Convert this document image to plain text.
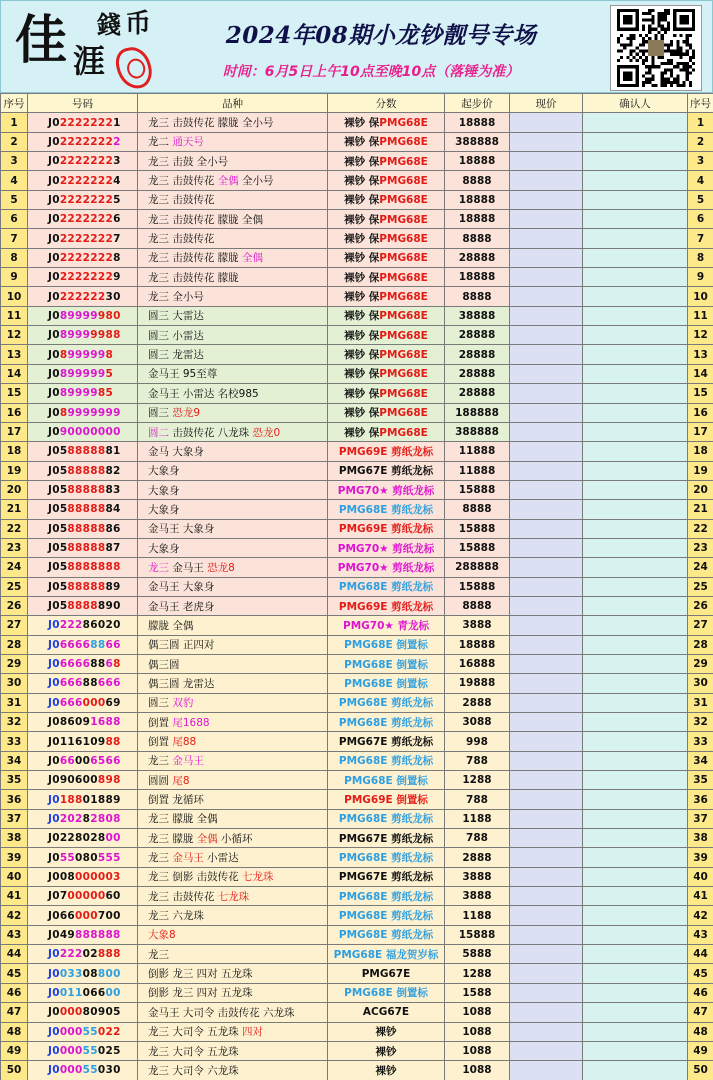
佳 涯
錢 币	2024年08期小龙钞靓号专场
时间：6月5日上午10点至晚10点（落锤为准）
序号	号码	品种	分数	起步价	现价	确认人	序号
1	J022222221	龙三 击鼓传花 朦胧 全小号	裸钞 保PMG68E	18888			1
2	J022222222	龙二 通天号	裸钞 保PMG68E	388888			2
3	J022222223	龙三 击鼓 全小号	裸钞 保PMG68E	18888			3
4	J022222224	龙三 击鼓传花 全偶 全小号	裸钞 保PMG68E	8888			4
5	J022222225	龙三 击鼓传花	裸钞 保PMG68E	18888			5
6	J022222226	龙三 击鼓传花 朦胧 全偶	裸钞 保PMG68E	18888			6
7	J022222227	龙三 击鼓传花	裸钞 保PMG68E	8888			7
8	J022222228	龙三 击鼓传花 朦胧 全偶	裸钞 保PMG68E	28888			8
9	J022222229	龙三 击鼓传花 朦胧	裸钞 保PMG68E	18888			9
10	J022222230	龙三 全小号	裸钞 保PMG68E	8888			10
11	J089999980	圆三 大雷达	裸钞 保PMG68E	38888			11
12	J089999988	圆三 小雷达	裸钞 保PMG68E	28888			12
13	J08999998	圆三 龙雷达	裸钞 保PMG68E	28888			13
14	J08999995	金马王 95至尊	裸钞 保PMG68E	28888			14
15	J08999985	金马王 小雷达 名校985	裸钞 保PMG68E	28888			15
16	J089999999	圆三 恐龙9	裸钞 保PMG68E	188888			16
17	J090000000	圆二 击鼓传花 八龙珠 恐龙0	裸钞 保PMG68E	388888			17
18	J058888881	金马 大象身	PMG69E 剪纸龙标	11888			18
19	J058888882	大象身	PMG67E 剪纸龙标	11888			19
20	J058888883	大象身	PMG70★ 剪纸龙标	15888			20
21	J058888884	大象身	PMG68E 剪纸龙标	8888			21
22	J058888886	金马王 大象身	PMG69E 剪纸龙标	15888			22
23	J058888887	大象身	PMG70★ 剪纸龙标	15888			23
24	J058888888	龙三 金马王 恐龙8	PMG70★ 剪纸龙标	288888			24
25	J058888889	金马王 大象身	PMG68E 剪纸龙标	15888			25
26	J058888890	金马王 老虎身	PMG69E 剪纸龙标	8888			26
27	J022286020	朦胧 全偶	PMG70★ 青龙标	3888			27
28	J066668866	偶三圆 正四对	PMG68E 倒置标	18888			28
29	J066668868	偶三圆	PMG68E 倒置标	16888			29
30	J066688666	偶三圆 龙雷达	PMG68E 倒置标	19888			30
31	J066600069	圆三 双豹	PMG68E 剪纸龙标	2888			31
32	J086091688	倒置 尾1688	PMG68E 剪纸龙标	3088			32
33	J011610988	倒置 尾88	PMG67E 剪纸龙标	998			33
34	J066006566	龙三 金马王	PMG68E 剪纸龙标	788			34
35	J090600898	圆圆 尾8	PMG68E 倒置标	1288			35
36	J018801889	倒置 龙循环	PMG69E 倒置标	788			36
37	J020282808	龙三 朦胧 全偶	PMG68E 剪纸龙标	1188			37
38	J022802800	龙三 朦胧 全偶 小循环	PMG67E 剪纸龙标	788			38
39	J055080555	龙三 金马王 小雷达	PMG68E 剪纸龙标	2888			39
40	J008000003	龙三 倒影 击鼓传花 七龙珠	PMG67E 剪纸龙标	3888			40
41	J070000060	龙三 击鼓传花 七龙珠	PMG68E 剪纸龙标	3888			41
42	J066000700	龙三 六龙珠	PMG68E 剪纸龙标	1188			42
43	J049888888	大象8	PMG68E 剪纸龙标	15888			43
44	J022202888	龙三	PMG68E 福龙贺岁标	5888			44
45	J003308800	倒影 龙三 四对 五龙珠	PMG67E	1288			45
46	J001106600	倒影 龙三 四对 五龙珠	PMG68E 倒置标	1588			46
47	J000080905	金马王 大司令 击鼓传花 六龙珠	ACG67E	1088			47
48	J000055022	龙三 大司令 五龙珠 四对	裸钞	1088			48
49	J000055025	龙三 大司令 五龙珠	裸钞	1088			49
50	J000055030	龙三 大司令 六龙珠	裸钞	1088			50
